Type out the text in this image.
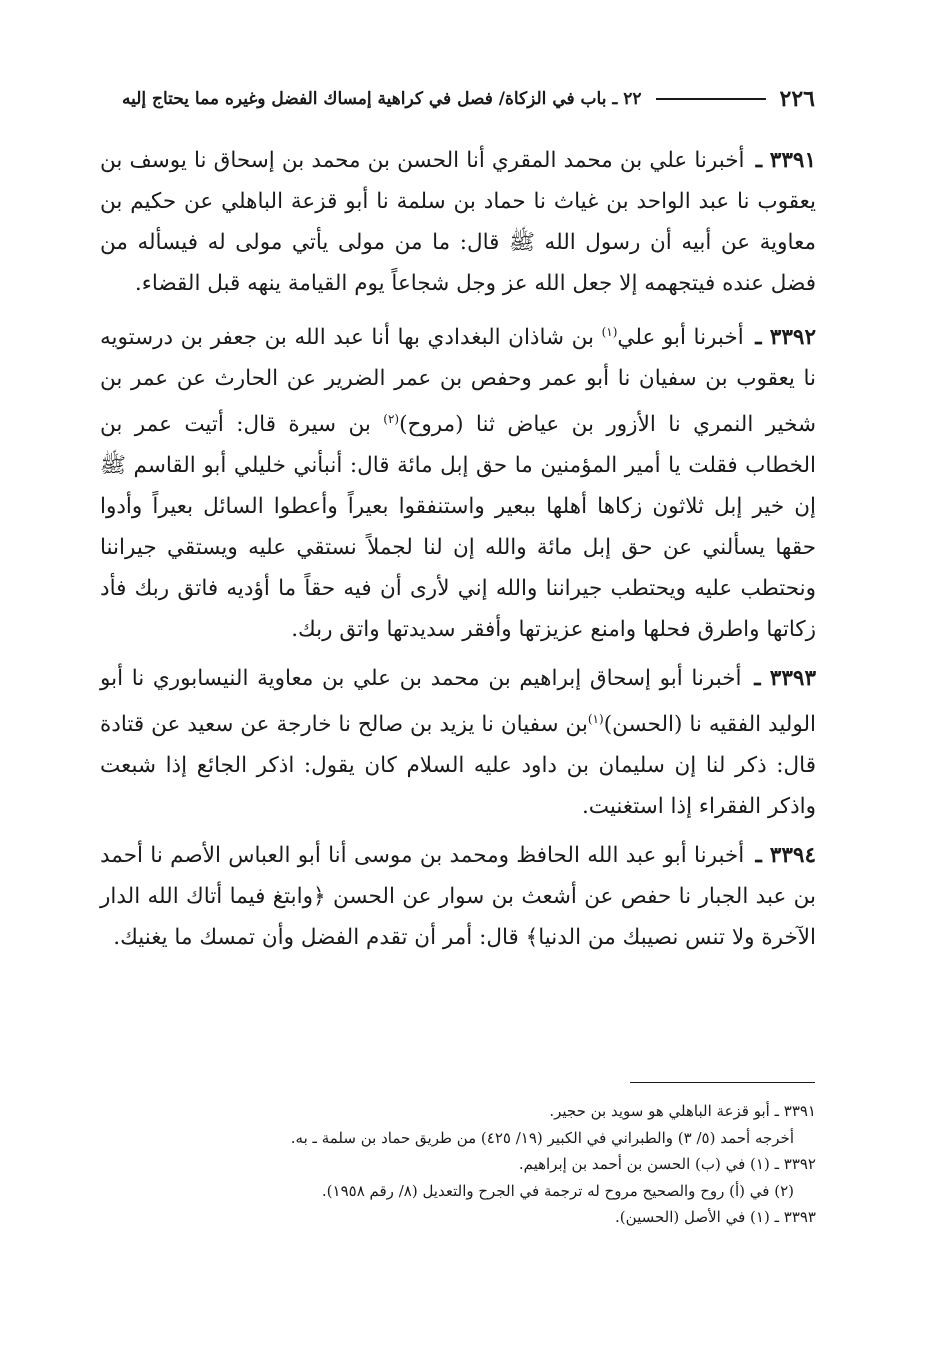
٢٢٦
٢٢ ـ باب في الزكاة/ فصل في كراهية إمساك الفضل وغيره مما يحتاج إليه

٣٣٩١ ـ أخبرنا علي بن محمد المقري أنا الحسن بن محمد بن إسحاق نا يوسف بن يعقوب نا عبد الواحد بن غياث نا حماد بن سلمة نا أبو قزعة الباهلي عن حكيم بن معاوية عن أبيه أن رسول الله ﷺ قال: ما من مولى يأتي مولى له فيسأله من فضل عنده فيتجهمه إلا جعل الله عز وجل شجاعاً يوم القيامة ينهه قبل القضاء.

٣٣٩٢ ـ أخبرنا أبو علي$^{(١)}$ بن شاذان البغدادي بها أنا عبد الله بن جعفر بن درستويه نا يعقوب بن سفيان نا أبو عمر وحفص بن عمر الضرير عن الحارث عن عمر بن شخير النمري نا الأزور بن عياض ثنا (مروح)$^{(٢)}$ بن سيرة قال: أتيت عمر بن الخطاب فقلت يا أمير المؤمنين ما حق إبل مائة قال: أنبأني خليلي أبو القاسم ﷺ إن خير إبل ثلاثون زكاها أهلها ببعير واستنفقوا بعيراً وأعطوا السائل بعيراً وأدوا حقها يسألني عن حق إبل مائة والله إن لنا لجملاً نستقي عليه ويستقي جيراننا ونحتطب عليه ويحتطب جيراننا والله إني لأرى أن فيه حقاً ما أؤديه فاتق ربك فأد زكاتها واطرق فحلها وامنع عزيزتها وأفقر سديدتها واتق ربك.

٣٣٩٣ ـ أخبرنا أبو إسحاق إبراهيم بن محمد بن علي بن معاوية النيسابوري نا أبو الوليد الفقيه نا (الحسن)$^{(١)}$بن سفيان نا يزيد بن صالح نا خارجة عن سعيد عن قتادة قال: ذكر لنا إن سليمان بن داود عليه السلام كان يقول: اذكر الجائع إذا شبعت واذكر الفقراء إذا استغنيت.

٣٣٩٤ ـ أخبرنا أبو عبد الله الحافظ ومحمد بن موسى أنا أبو العباس الأصم نا أحمد بن عبد الجبار نا حفص عن أشعث بن سوار عن الحسن ﴿وابتغ فيما أتاك الله الدار الآخرة ولا تنس نصيبك من الدنيا﴾ قال: أمر أن تقدم الفضل وأن تمسك ما يغنيك.

٣٣٩١ ـ أبو قزعة الباهلي هو سويد بن حجير.
أخرجه أحمد (٥/ ٣) والطبراني في الكبير (١٩/ ٤٢٥) من طريق حماد بن سلمة ـ به.
٣٣٩٢ ـ (١) في (ب) الحسن بن أحمد بن إبراهيم.
(٢) في (أ) روح والصحيح مروح له ترجمة في الجرح والتعديل (٨/ رقم ١٩٥٨).
٣٣٩٣ ـ (١) في الأصل (الحسين).
